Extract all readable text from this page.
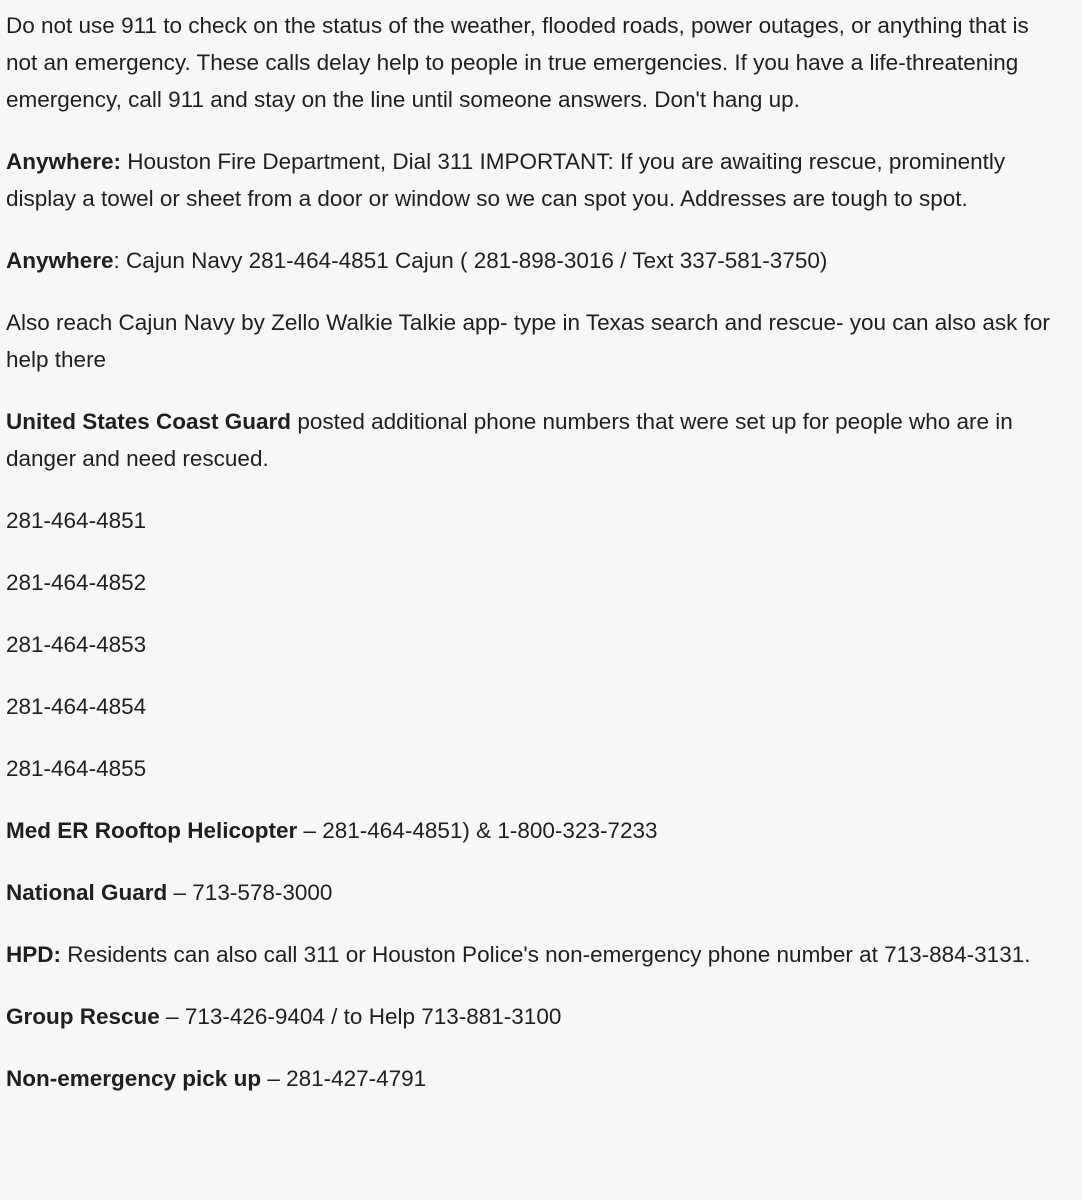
Do not use 911 to check on the status of the weather, flooded roads, power outages, or anything that is not an emergency. These calls delay help to people in true emergencies. If you have a life-threatening emergency, call 911 and stay on the line until someone answers. Don't hang up.

Anywhere: Houston Fire Department, Dial 311 IMPORTANT: If you are awaiting rescue, prominently display a towel or sheet from a door or window so we can spot you. Addresses are tough to spot.

Anywhere: Cajun Navy 281-464-4851 Cajun ( 281-898-3016 / Text 337-581-3750)

Also reach Cajun Navy by Zello Walkie Talkie app- type in Texas search and rescue- you can also ask for help there

United States Coast Guard posted additional phone numbers that were set up for people who are in danger and need rescued.

281-464-4851

281-464-4852

281-464-4853

281-464-4854

281-464-4855

Med ER Rooftop Helicopter – 281-464-4851) & 1-800-323-7233

National Guard – 713-578-3000

HPD: Residents can also call 311 or Houston Police's non-emergency phone number at 713-884-3131.

Group Rescue – 713-426-9404 / to Help 713-881-3100

Non-emergency pick up – 281-427-4791
